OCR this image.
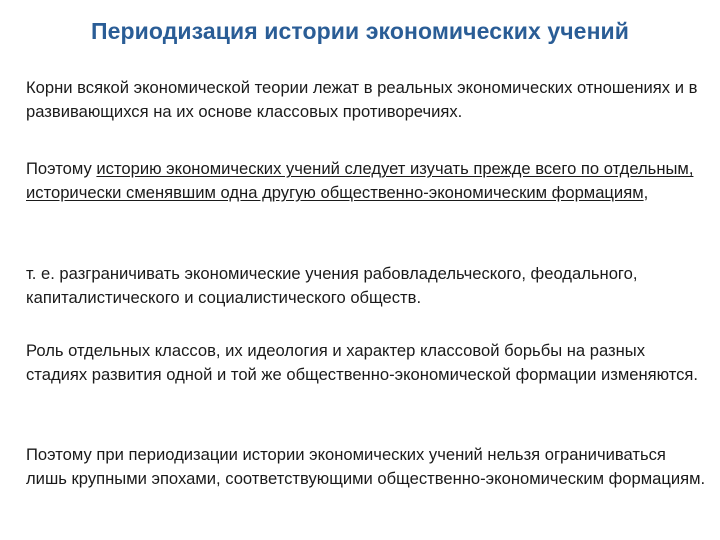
Периодизация истории экономических учений
Корни всякой экономической теории лежат в реальных экономических отношениях и в развивающихся на их основе классовых противоречиях.
Поэтому историю экономических учений следует изучать прежде всего по отдельным, исторически сменявшим одна другую общественно-экономическим формациям,
т. е. разграничивать экономические учения рабовладельческого, феодального, капиталистического и социалистического обществ.
Роль отдельных классов, их идеология и характер классовой борьбы на разных стадиях развития одной и той же общественно-экономической формации изменяются.
Поэтому при периодизации истории экономических учений нельзя ограничиваться лишь крупными эпохами, соответствующими общественно-экономическим формациям.
